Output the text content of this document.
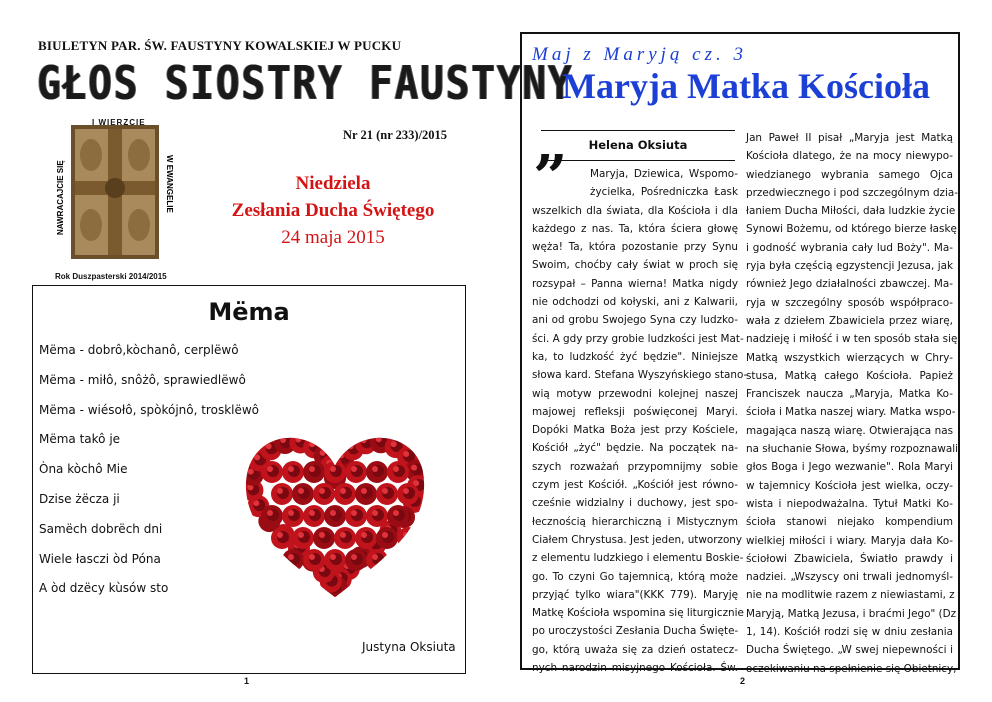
BIULETYN PAR. ŚW. FAUSTYNY KOWALSKIEJ W PUCKU
GŁOS SIOSTRY FAUSTYNY
NAWRACAJCIE SIĘ	W EWANGELIE
I WIERZCIE
Rok Duszpasterski 2014/2015
Nr 21 (nr 233)/2015
Niedziela
Zesłania Ducha Świętego
24 maja 2015
Mëma
Mëma - dobrô,kòchanô, cerplëwô
Mëma - miłô, snôżô, sprawiedlëwô
Mëma - wiésołô, spòkójnô, trosklëwô
Mëma takô je
Òna kòchô Mie
Dzise żëcza ji
Samëch dobrëch dni
Wiele łasczi òd Póna
A òd dzëcy kùsów sto
Justyna Oksiuta
1
Maj z Maryją cz. 3
Maryja Matka Kościoła
Helena Oksiuta
”	Maryja, Dziewica, Wspomo-
życielka, Pośredniczka Łask
wszelkich dla świata, dla Kościoła i dla
każdego z nas. Ta, która ściera głowę
węża! Ta, która pozostanie przy Synu
Swoim, choćby cały świat w proch się
rozsypał – Panna wierna! Matka nigdy
nie odchodzi od kołyski, ani z Kalwarii,
ani od grobu Swojego Syna czy ludzko-
ści. A gdy przy grobie ludzkości jest Mat-
ka, to ludzkość żyć będzie". Niniejsze
słowa kard. Stefana Wyszyńskiego stano-
wią motyw przewodni kolejnej naszej
majowej refleksji poświęconej Maryi.
Dopóki Matka Boża jest przy Kościele,
Kościół „żyć" będzie. Na początek na-
szych rozważań przypomnijmy sobie
czym jest Kościół. „Kościół jest równo-
cześnie widzialny i duchowy, jest spo-
łecznością hierarchiczną i Mistycznym
Ciałem Chrystusa. Jest jeden, utworzony
z elementu ludzkiego i elementu Boskie-
go. To czyni Go tajemnicą, którą może
przyjąć tylko wiara"(KKK 779). Maryję
Matkę Kościoła wspomina się liturgicznie
po uroczystości Zesłania Ducha Święte-
go, którą uważa się za dzień ostatecz-
nych narodzin misyjnego Kościoła. Św.
Jan Paweł II pisał „Maryja jest Matką
Kościoła dlatego, że na mocy niewypo-
wiedzianego wybrania samego Ojca
przedwiecznego i pod szczególnym dzia-
łaniem Ducha Miłości, dała ludzkie życie
Synowi Bożemu, od którego bierze łaskę
i godność wybrania cały lud Boży". Ma-
ryja była częścią egzystencji Jezusa, jak
również Jego działalności zbawczej. Ma-
ryja w szczególny sposób współpraco-
wała z dziełem Zbawiciela przez wiarę,
nadzieję i miłość i w ten sposób stała się
Matką wszystkich wierzących w Chry-
stusa, Matką całego Kościoła. Papież
Franciszek naucza „Maryja, Matka Ko-
ścioła i Matka naszej wiary. Matka wspo-
magająca naszą wiarę. Otwierająca nas
na słuchanie Słowa, byśmy rozpoznawali
głos Boga i Jego wezwanie". Rola Maryi
w tajemnicy Kościoła jest wielka, oczy-
wista i niepodważalna. Tytuł Matki Ko-
ścioła stanowi niejako kompendium
wielkiej miłości i wiary. Maryja dała Ko-
ściołowi Zbawiciela, Światło prawdy i
nadziei. „Wszyscy oni trwali jednomyśl-
nie na modlitwie razem z niewiastami, z
Maryją, Matką Jezusa, i braćmi Jego" (Dz
1, 14). Kościół rodzi się w dniu zesłania
Ducha Świętego. „W swej niepewności i
oczekiwaniu na spełnienie się Obietnicy,
2
